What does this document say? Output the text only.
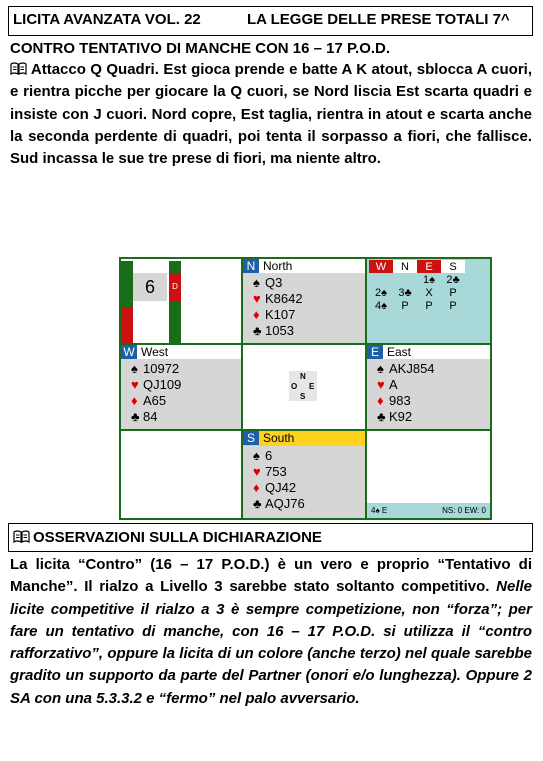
LICITA AVANZATA VOL. 22	LA LEGGE DELLE PRESE TOTALI 7^
CONTRO TENTATIVO DI MANCHE CON 16 – 17 P.O.D.
Attacco Q Quadri. Est gioca prende e batte A K atout, sblocca A cuori, e rientra picche per giocare la Q cuori, se Nord liscia Est scarta quadri e insiste con J cuori. Nord copre, Est taglia, rientra in atout e scarta anche la seconda perdente di quadri, poi tenta il sorpasso a fiori, che fallisce. Sud incassa le sue tre prese di fiori, ma niente altro.
6	D
N North
♠ Q3
♥ K8642
♦ K107
♣ 1053
W	N	E	S
		1♠	2♣
2♠	3♣	X	P
4♠	P	P	P
W West
♠ 10972
♥ QJ109
♦ A65
♣ 84
N
O E
S
E East
♠ AKJ854
♥ A
♦ 983
♣ K92
S South
♠ 6
♥ 753
♦ QJ42
♣ AQJ76	4♠ E	NS: 0 EW: 0
OSSERVAZIONI SULLA DICHIARAZIONE
La licita “Contro” (16 – 17 P.O.D.) è un vero e proprio “Tentativo di Manche”. Il rialzo a Livello 3 sarebbe stato soltanto competitivo. Nelle licite competitive il rialzo a 3 è sempre competizione, non “forza”; per fare un tentativo di manche, con 16 – 17 P.O.D. si utilizza il “contro rafforzativo”, oppure la licita di un colore (anche terzo) nel quale sarebbe gradito un supporto da parte del Partner (onori e/o lunghezza). Oppure 2 SA con una 5.3.3.2 e “fermo” nel palo avversario.
